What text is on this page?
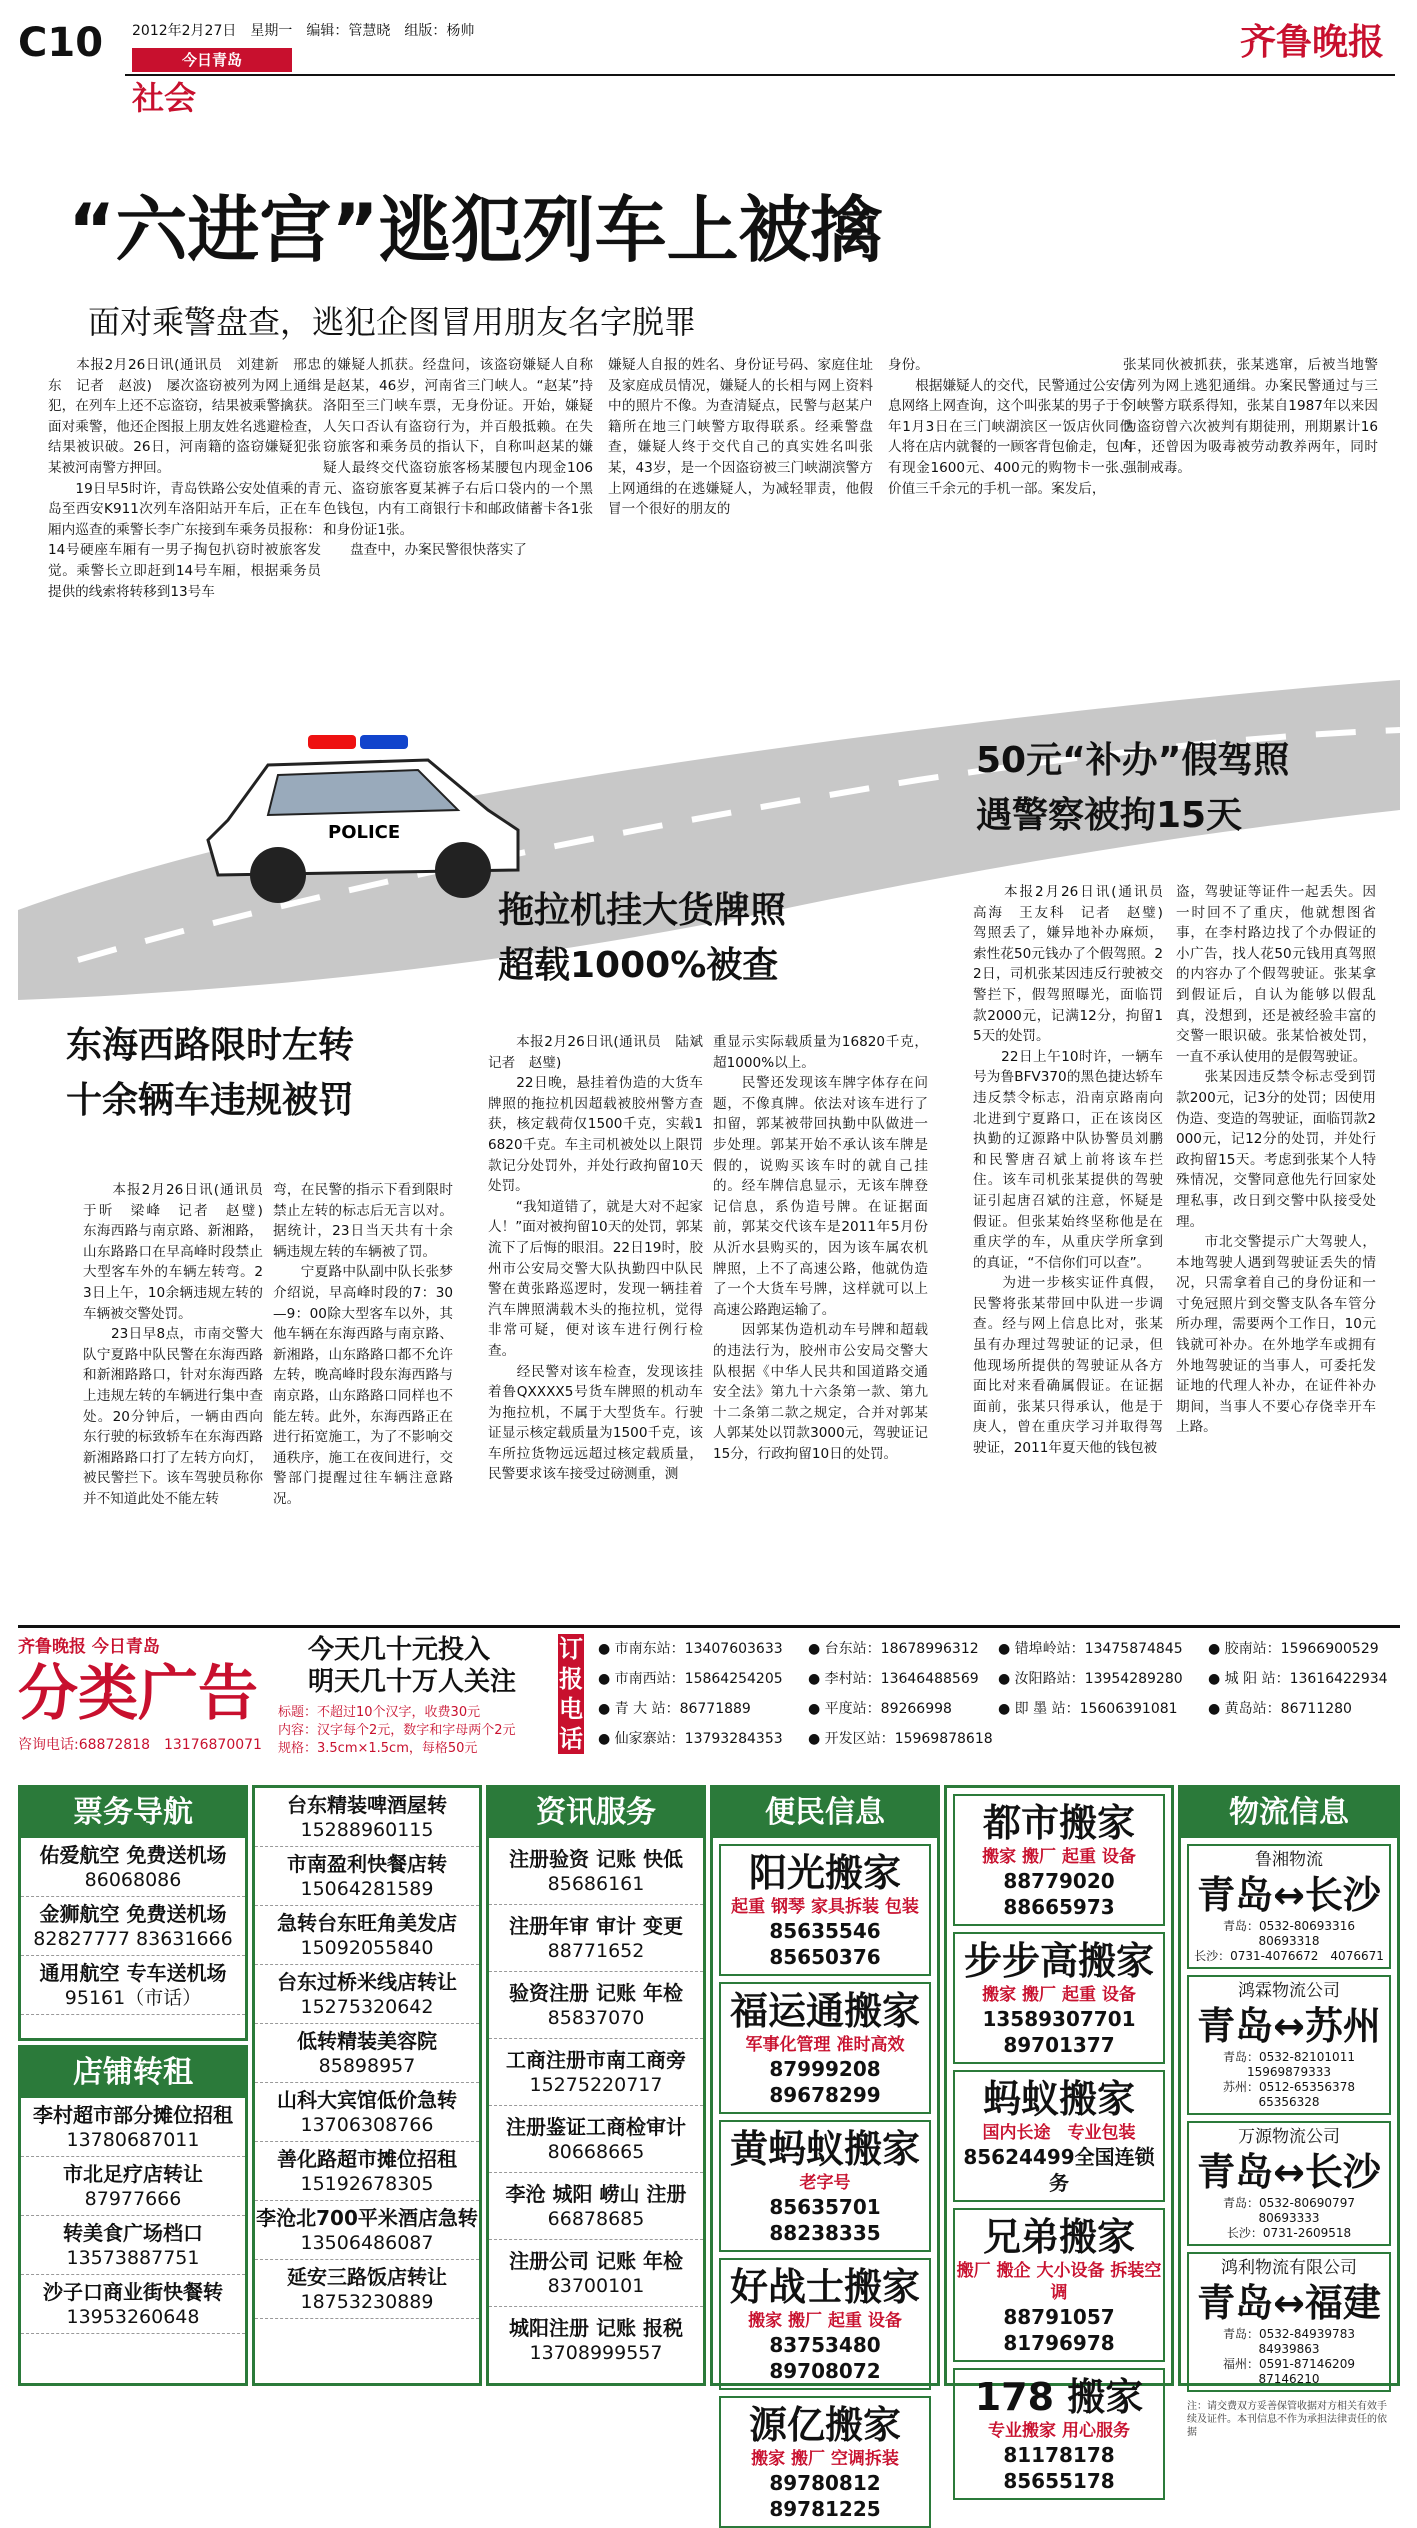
C10 2012年2月27日　星期一　编辑：管慧晓　组版：杨帅
今日青岛
社会
齐鲁晚报
POLICE
“六进宫”逃犯列车上被擒
面对乘警盘查，逃犯企图冒用朋友名字脱罪
　　本报2月26日讯(通讯员　刘建新　邢忠东　记者　赵波)　屡次盗窃被列为网上通缉犯，在列车上还不忘盗窃，结果被乘警擒获。面对乘警，他还企图报上朋友姓名逃避检查，结果被识破。26日，河南籍的盗窃嫌疑犯张某被河南警方押回。
　　19日早5时许，青岛铁路公安处值乘的青岛至西安K911次列车洛阳站开车后，正在车厢内巡查的乘警长李广东接到车乘务员报称：14号硬座车厢有一男子掏包扒窃时被旅客发觉。乘警长立即赶到14号车厢，根据乘务员提供的线索将转移到13号车
的嫌疑人抓获。经盘问，该盗窃嫌疑人自称是赵某，46岁，河南省三门峡人。“赵某”持洛阳至三门峡车票，无身份证。开始，嫌疑人矢口否认有盗窃行为，并百般抵赖。在失窃旅客和乘务员的指认下，自称叫赵某的嫌疑人最终交代盗窃旅客杨某腰包内现金106元、盗窃旅客夏某裤子右后口袋内的一个黑色钱包，内有工商银行卡和邮政储蓄卡各1张和身份证1张。
　　盘查中，办案民警很快落实了
嫌疑人自报的姓名、身份证号码、家庭住址及家庭成员情况，嫌疑人的长相与网上资料中的照片不像。为查清疑点，民警与赵某户籍所在地三门峡警方取得联系。经乘警盘查，嫌疑人终于交代自己的真实姓名叫张某，43岁，是一个因盗窃被三门峡湖滨警方上网通缉的在逃嫌疑人，为减轻罪责，他假冒一个很好的朋友的
身份。
　　根据嫌疑人的交代，民警通过公安信息网络上网查询，这个叫张某的男子于今年1月3日在三门峡湖滨区一饭店伙同他人将在店内就餐的一顾客背包偷走，包内有现金1600元、400元的购物卡一张、价值三千余元的手机一部。案发后，
张某同伙被抓获，张某逃窜，后被当地警方列为网上逃犯通缉。办案民警通过与三门峡警方联系得知，张某自1987年以来因为盗窃曾六次被判有期徒刑，刑期累计16年，还曾因为吸毒被劳动教养两年，同时强制戒毒。
50元“补办”假驾照
遇警察被拘15天
　　本报2月26日讯(通讯员　高海　王友科　记者　赵璧)　驾照丢了，嫌异地补办麻烦，索性花50元钱办了个假驾照。22日，司机张某因违反行驶被交警拦下，假驾照曝光，面临罚款2000元，记满12分，拘留15天的处罚。
　　22日上午10时许，一辆车号为鲁BFV370的黑色捷达轿车违反禁令标志，沿南京路南向北进到宁夏路口，正在该岗区执勤的辽源路中队协警员刘鹏和民警唐召斌上前将该车拦住。该车司机张某提供的驾驶证引起唐召斌的注意，怀疑是假证。但张某始终坚称他是在重庆学的车，从重庆学所拿到的真证，“不信你们可以查”。
　　为进一步核实证件真假，民警将张某带回中队进一步调查。经与网上信息比对，张某虽有办理过驾驶证的记录，但他现场所提供的驾驶证从各方面比对来看确属假证。在证据面前，张某只得承认，他是于庚人，曾在重庆学习并取得驾驶证，2011年夏天他的钱包被
盗，驾驶证等证件一起丢失。因一时回不了重庆，他就想图省事，在李村路边找了个办假证的小广告，找人花50元钱用真驾照的内容办了个假驾驶证。张某拿到假证后，自认为能够以假乱真，没想到，还是被经验丰富的交警一眼识破。张某恰被处罚，一直不承认使用的是假驾驶证。
　　张某因违反禁令标志受到罚款200元，记3分的处罚；因使用伪造、变造的驾驶证，面临罚款2000元，记12分的处罚，并处行政拘留15天。考虑到张某个人特殊情况，交警同意他先行回家处理私事，改日到交警中队接受处理。
　　市北交警提示广大驾驶人，本地驾驶人遇到驾驶证丢失的情况，只需拿着自己的身份证和一寸免冠照片到交警支队各车管分所办理，需要两个工作日，10元钱就可补办。在外地学车或拥有外地驾驶证的当事人，可委托发证地的代理人补办，在证件补办期间，当事人不要心存侥幸开车上路。
拖拉机挂大货牌照
超载1000%被查
　　本报2月26日讯(通讯员　陆斌　记者　赵璧)
　　22日晚，悬挂着伪造的大货车牌照的拖拉机因超载被胶州警方查获，核定载荷仅1500千克，实载16820千克。车主司机被处以上限罚款记分处罚外，并处行政拘留10天处罚。
　　“我知道错了，就是大对不起家人！”面对被拘留10天的处罚，郭某流下了后悔的眼泪。22日19时，胶州市公安局交警大队执勤四中队民警在黄张路巡逻时，发现一辆挂着汽车牌照满载木头的拖拉机，觉得非常可疑，便对该车进行例行检查。
　　经民警对该车检查，发现该挂着鲁QXXXX5号货车牌照的机动车为拖拉机，不属于大型货车。行驶证显示核定载质量为1500千克，该车所拉货物远远超过核定载质量，民警要求该车接受过磅测重，测
重显示实际载质量为16820千克，超1000%以上。
　　民警还发现该车牌字体存在问题，不像真牌。依法对该车进行了扣留，郭某被带回执勤中队做进一步处理。郭某开始不承认该车牌是假的，说购买该车时的就自己挂的。经车牌信息显示，无该车牌登记信息，系伪造号牌。在证据面前，郭某交代该车是2011年5月份从沂水县购买的，因为该车属农机牌照，上不了高速公路，他就伪造了一个大货车号牌，这样就可以上高速公路跑运输了。
　　因郭某伪造机动车号牌和超载的违法行为，胶州市公安局交警大队根据《中华人民共和国道路交通安全法》第九十六条第一款、第九十二条第二款之规定，合并对郭某人郭某处以罚款3000元，驾驶证记15分，行政拘留10日的处罚。
东海西路限时左转
十余辆车违规被罚
　　本报2月26日讯(通讯员　于昕　梁峰　记者　赵璧)　东海西路与南京路、新湘路，山东路路口在早高峰时段禁止大型客车外的车辆左转弯。23日上午，10余辆违规左转的车辆被交警处罚。
　　23日早8点，市南交警大队宁夏路中队民警在东海西路和新湘路路口，针对东海西路上违规左转的车辆进行集中查处。20分钟后，一辆由西向东行驶的标致轿车在东海西路新湘路路口打了左转方向灯，被民警拦下。该车驾驶员称你并不知道此处不能左转
弯，在民警的指示下看到限时禁止左转的标志后无言以对。据统计，23日当天共有十余辆违规左转的车辆被了罚。
　　宁夏路中队副中队长张梦介绍说，早高峰时段的7：30—9：00除大型客车以外，其他车辆在东海西路与南京路、新湘路，山东路路口都不允许左转，晚高峰时段东海西路与南京路，山东路路口同样也不能左转。此外，东海西路正在进行拓宽施工，为了不影响交通秩序，施工在夜间进行，交警部门提醒过往车辆注意路况。
齐鲁晚报 今日青岛
分类广告
咨询电话:68872818　13176870071
今天几十元投入
明天几十万人关注
标题：不超过10个汉字，收费30元
内容：汉字每个2元，数字和字母两个2元
规格：3.5cm×1.5cm，每格50元
订报电话
● 市南东站：13407603633 ● 台东站：18678996312 ● 错埠岭站：13475874845 ● 胶南站：15966900529
● 市南西站：15864254205 ● 李村站：13646488569 ● 汝阳路站：13954289280 ● 城 阳 站：13616422934
● 青 大 站：86771889	● 平度站：89266998	● 即 墨 站：15606391081 ● 黄岛站：86711280
● 仙家寨站：13793284353 ● 开发区站：15969878618
票务导航
佑爱航空 免费送机场
86068086
金狮航空 免费送机场
82827777 83631666
通用航空 专车送机场
95161（市话）
店铺转租
李村超市部分摊位招租
13780687011
市北足疗店转让
87977666
转美食广场档口
13573887751
沙子口商业街快餐转
13953260648
台东精装啤酒屋转
15288960115
市南盈利快餐店转
15064281589
急转台东旺角美发店
15092055840
台东过桥米线店转让
15275320642
低转精装美容院
85898957
山科大宾馆低价急转
13706308766
善化路超市摊位招租
15192678305
李沧北700平米酒店急转
13506486087
延安三路饭店转让
18753230889
资讯服务
注册验资 记账 快低
85686161
注册年审 审计 变更
88771652
验资注册 记账 年检
85837070
工商注册市南工商旁
15275220717
注册鉴证工商检审计
80668665
李沧 城阳 崂山 注册
66878685
注册公司 记账 年检
83700101
城阳注册 记账 报税
13708999557
便民信息
阳光搬家
起重 钢琴 家具拆装 包装
85635546　85650376
福运通搬家
军事化管理 准时高效
87999208　89678299
黄蚂蚁搬家
老字号
85635701　88238335
好战士搬家
搬家 搬厂 起重 设备
83753480　89708072
源亿搬家
搬家 搬厂 空调拆装
89780812　89781225
都市搬家
搬家 搬厂 起重 设备
88779020　88665973
步步高搬家
搬家 搬厂 起重 设备
13589307701　89701377
蚂蚁搬家
国内长途　专业包装
85624499全国连锁务
兄弟搬家
搬厂 搬企 大小设备 拆装空调
88791057　81796978
178 搬家
专业搬家 用心服务
81178178　85655178
物流信息
鲁湘物流
青岛↔长沙
青岛：0532-80693316　80693318
长沙：0731-4076672　4076671
鸿霖物流公司
青岛↔苏州
青岛：0532-82101011　15969879333
苏州：0512-65356378　65356328
万源物流公司
青岛↔长沙
青岛：0532-80690797　80693333
长沙：0731-2609518
鸿利物流有限公司
青岛↔福建
青岛：0532-84939783　84939863
福州：0591-87146209　87146210
注：请交费双方妥善保管收据对方相关有效手续及证件。本刊信息不作为承担法律责任的依据
